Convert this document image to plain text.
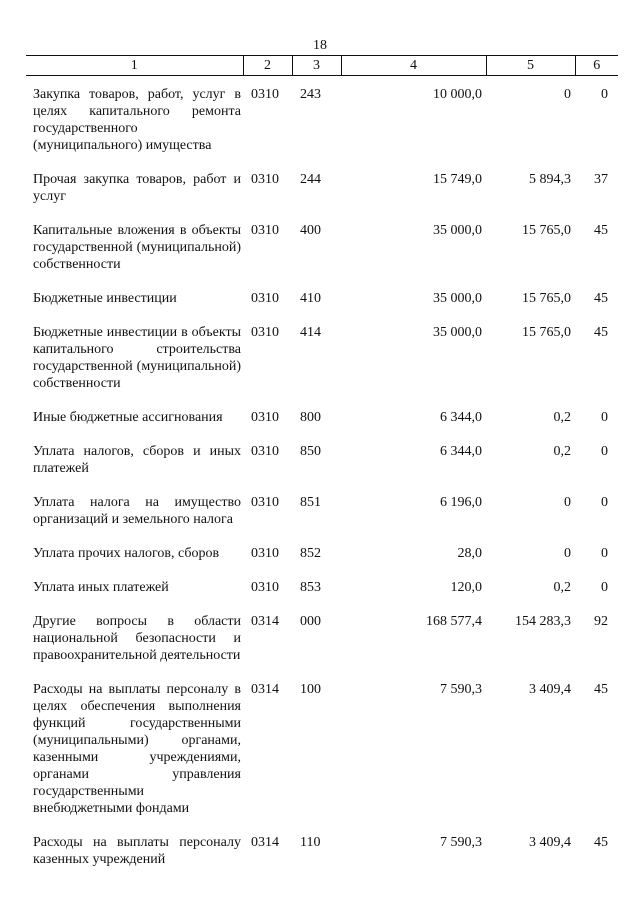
18
1	2	3	4	5	6

Закупка товаров, работ, услуг в целях капитального ремонта государственного (муниципального) имущества	0310	243	10 000,0	0	0
Прочая закупка товаров, работ и услуг	0310	244	15 749,0	5 894,3	37
Капитальные вложения в объекты государственной (муниципальной) собственности	0310	400	35 000,0	15 765,0	45
Бюджетные инвестиции	0310	410	35 000,0	15 765,0	45
Бюджетные инвестиции в объекты капитального строительства государственной (муниципальной) собственности	0310	414	35 000,0	15 765,0	45
Иные бюджетные ассигнования	0310	800	6 344,0	0,2	0
Уплата налогов, сборов и иных платежей	0310	850	6 344,0	0,2	0
Уплата налога на имущество организаций и земельного налога	0310	851	6 196,0	0	0
Уплата прочих налогов, сборов	0310	852	28,0	0	0
Уплата иных платежей	0310	853	120,0	0,2	0
Другие вопросы в области национальной безопасности и правоохранительной деятельности	0314	000	168 577,4	154 283,3	92
Расходы на выплаты персоналу в целях обеспечения выполнения функций государственными (муниципальными) органами, казенными учреждениями, органами управления государственными внебюджетными фондами	0314	100	7 590,3	3 409,4	45
Расходы на выплаты персоналу казенных учреждений	0314	110	7 590,3	3 409,4	45
